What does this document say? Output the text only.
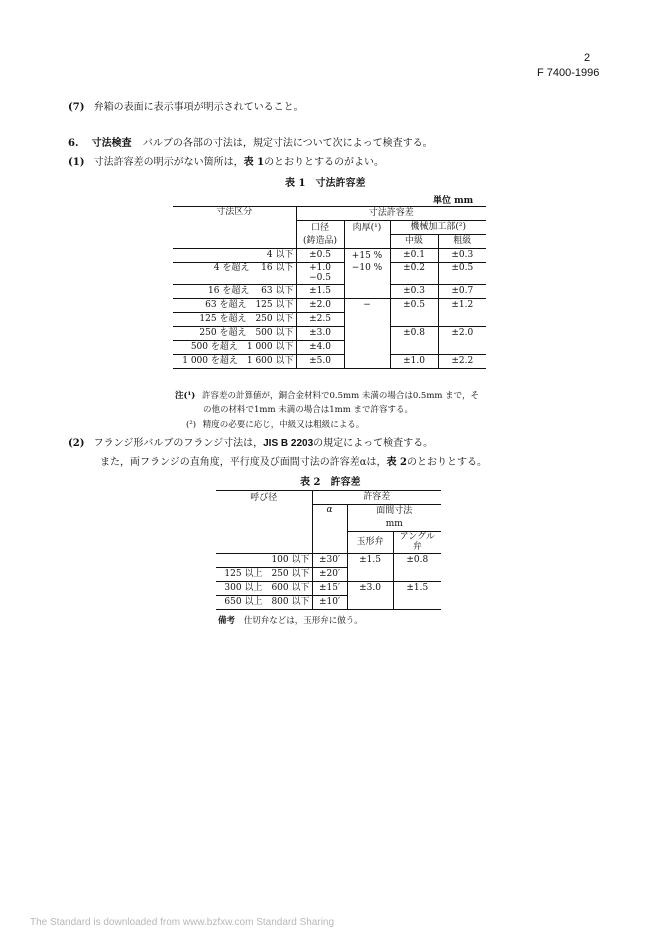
2
F 7400-1996
(7) 弁箱の表面に表示事項が明示されていること。
6. 寸法検査 バルブの各部の寸法は，規定寸法について次によって検査する。
(1) 寸法許容差の明示がない箇所は，表 1のとおりとするのがよい。
表 1　寸法許容差
単位 mm
寸法区分	寸法許容差			
	口径	肉厚(¹)	機械加工部(²)	
	(鋳造品)		中級	粗級
4 以下	±0.5	+15 %	±0.1	±0.3
4 を超え　 16 以下	+1.0
−0.5	−10 %	±0.2	±0.5
16 を超え　 63 以下	±1.5		±0.3	±0.7
63 を超え　125 以下	±2.0	−	±0.5	±1.2
125 を超え　250 以下	±2.5			
250 を超え　500 以下	±3.0		±0.8	±2.0
500 を超え　1 000 以下	±4.0			
1 000 を超え　1 600 以下	±5.0		±1.0	±2.2
注(¹) 許容差の計算値が，銅合金材料で0.5mm 未満の場合は0.5mm まで，そ
の他の材料で1mm 未満の場合は1mm まで許容する。
(²) 精度の必要に応じ，中級又は粗級による。
(2) フランジ形バルブのフランジ寸法は，JIS B 2203の規定によって検査する。
また，両フランジの直角度，平行度及び面間寸法の許容差αは，表 2のとおりとする。
表 2　許容差
呼び径	許容差		
	α	面間寸法	
		mm	
		玉形弁	アングル弁
100 以下	±30′	±1.5	±0.8
125 以上　250 以下	±20′		
300 以上　600 以下	±15′	±3.0	±1.5
650 以上　800 以下	±10′		
備考 仕切弁などは，玉形弁に倣う。
The Standard is downloaded from www.bzfxw.com Standard Sharing
